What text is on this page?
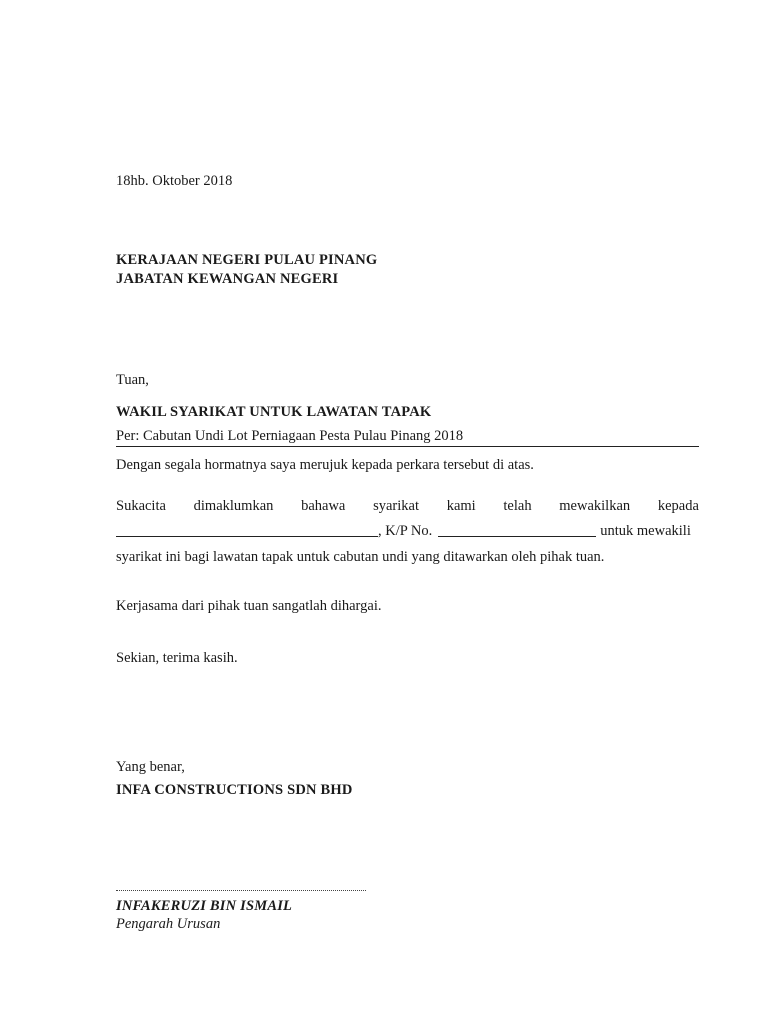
18hb. Oktober 2018
KERAJAAN NEGERI PULAU PINANG
JABATAN KEWANGAN NEGERI
Tuan,
WAKIL SYARIKAT UNTUK LAWATAN TAPAK
Per: Cabutan Undi Lot Perniagaan Pesta Pulau Pinang 2018
Dengan segala hormatnya saya merujuk kepada perkara tersebut di atas.
Sukacita dimaklumkan bahawa syarikat kami telah mewakilkan kepada
, K/P No.	untuk mewakili
syarikat ini bagi lawatan tapak untuk cabutan undi yang ditawarkan oleh pihak tuan.
Kerjasama dari pihak tuan sangatlah dihargai.
Sekian, terima kasih.
Yang benar,
INFA CONSTRUCTIONS SDN BHD
INFAKERUZI BIN ISMAIL
Pengarah Urusan
